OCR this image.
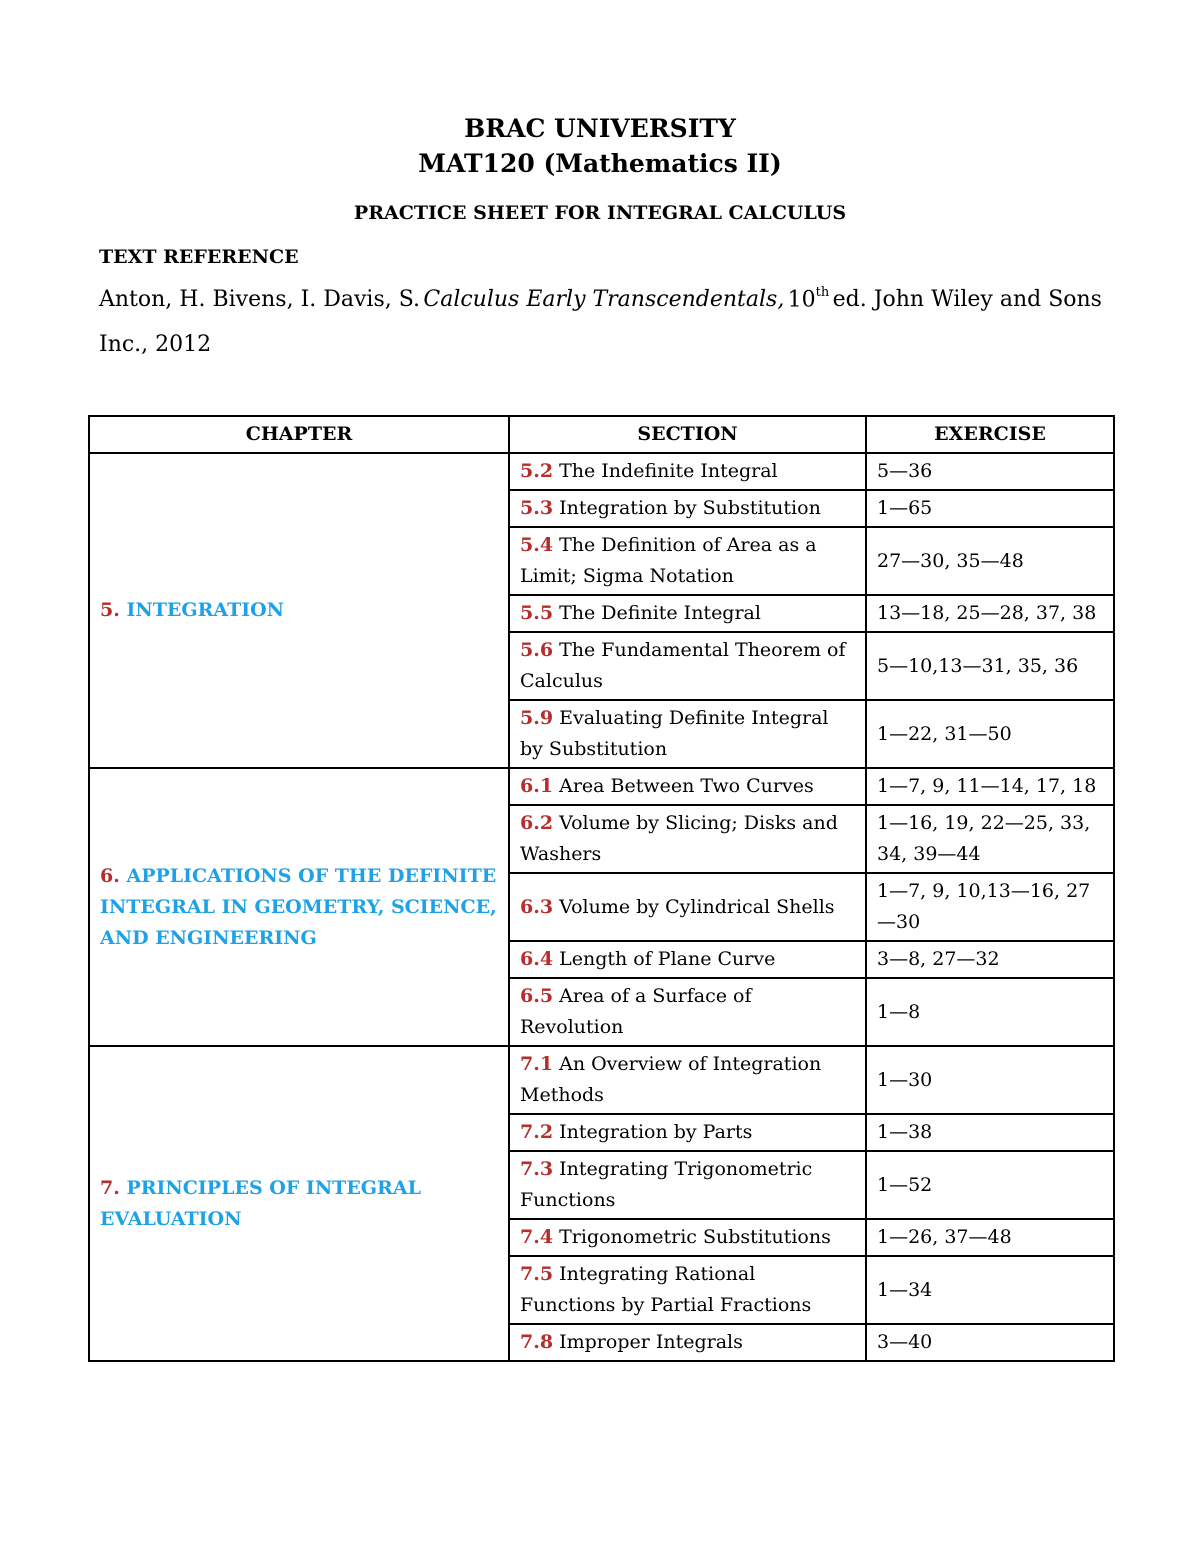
BRAC UNIVERSITY
MAT120 (Mathematics II)
PRACTICE SHEET FOR INTEGRAL CALCULUS
TEXT REFERENCE
Anton, H. Bivens, I. Davis, S. Calculus Early Transcendentals, 10th ed. John Wiley and Sons
Inc., 2012
CHAPTER	SECTION	EXERCISE
5. INTEGRATION	5.2 The Indefinite Integral	5—36
	5.3 Integration by Substitution	1—65
	5.4 The Definition of Area as a Limit; Sigma Notation	27—30, 35—48
	5.5 The Definite Integral	13—18, 25—28, 37, 38
	5.6 The Fundamental Theorem of Calculus	5—10,13—31, 35, 36
	5.9 Evaluating Definite Integral by Substitution	1—22, 31—50
6. APPLICATIONS OF THE DEFINITE INTEGRAL IN GEOMETRY, SCIENCE, AND ENGINEERING	6.1 Area Between Two Curves	1—7, 9, 11—14, 17, 18
	6.2 Volume by Slicing; Disks and Washers	1—16, 19, 22—25, 33, 34, 39—44
	6.3 Volume by Cylindrical Shells	1—7, 9, 10,13—16, 27—30
	6.4 Length of Plane Curve	3—8, 27—32
	6.5 Area of a Surface of Revolution	1—8
7. PRINCIPLES OF INTEGRAL EVALUATION	7.1 An Overview of Integration Methods	1—30
	7.2 Integration by Parts	1—38
	7.3 Integrating Trigonometric Functions	1—52
	7.4 Trigonometric Substitutions	1—26, 37—48
	7.5 Integrating Rational Functions by Partial Fractions	1—34
	7.8 Improper Integrals	3—40
